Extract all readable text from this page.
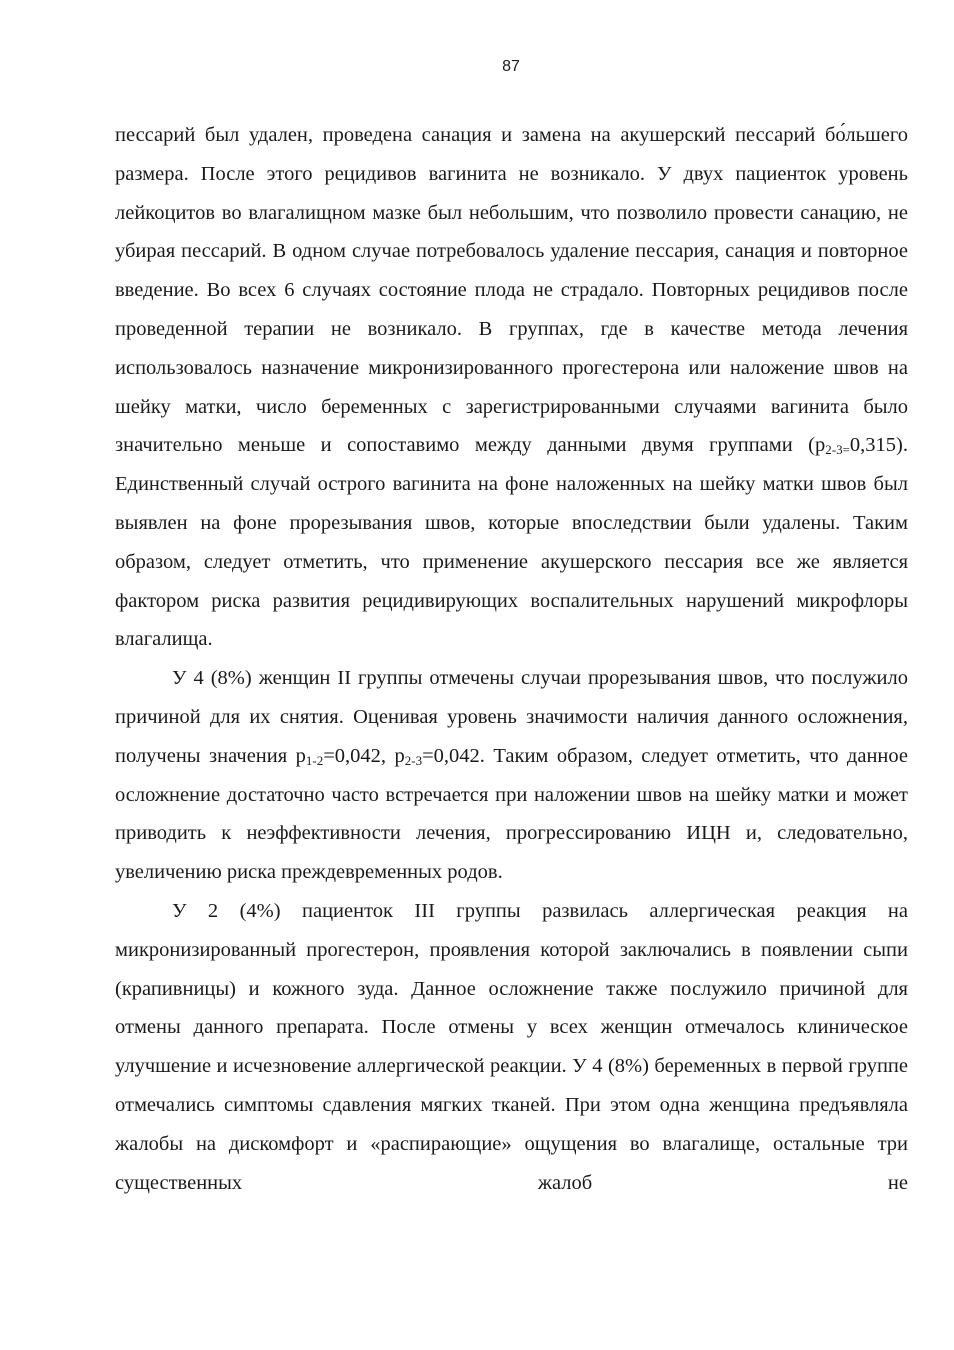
87

пессарий был удален, проведена санация и замена на акушерский пессарий бо́льшего размера. После этого рецидивов вагинита не возникало. У двух пациенток уровень лейкоцитов во влагалищном мазке был небольшим, что позволило провести санацию, не убирая пессарий. В одном случае потребовалось удаление пессария, санация и повторное введение. Во всех 6 случаях состояние плода не страдало. Повторных рецидивов после проведенной терапии не возникало. В группах, где в качестве метода лечения использовалось назначение микронизированного прогестерона или наложение швов на шейку матки, число беременных с зарегистрированными случаями вагинита было значительно меньше и сопоставимо между данными двумя группами (p2-3=0,315). Единственный случай острого вагинита на фоне наложенных на шейку матки швов был выявлен на фоне прорезывания швов, которые впоследствии были удалены. Таким образом, следует отметить, что применение акушерского пессария все же является фактором риска развития рецидивирующих воспалительных нарушений микрофлоры влагалища.

У 4 (8%) женщин II группы отмечены случаи прорезывания швов, что послужило причиной для их снятия. Оценивая уровень значимости наличия данного осложнения, получены значения p1-2=0,042, p2-3=0,042. Таким образом, следует отметить, что данное осложнение достаточно часто встречается при наложении швов на шейку матки и может приводить к неэффективности лечения, прогрессированию ИЦН и, следовательно, увеличению риска преждевременных родов.

У 2 (4%) пациенток III группы развилась аллергическая реакция на микронизированный прогестерон, проявления которой заключались в появлении сыпи (крапивницы) и кожного зуда. Данное осложнение также послужило причиной для отмены данного препарата. После отмены у всех женщин отмечалось клиническое улучшение и исчезновение аллергической реакции. У 4 (8%) беременных в первой группе отмечались симптомы сдавления мягких тканей. При этом одна женщина предъявляла жалобы на дискомфорт и «распирающие» ощущения во влагалище, остальные три существенных жалоб не
